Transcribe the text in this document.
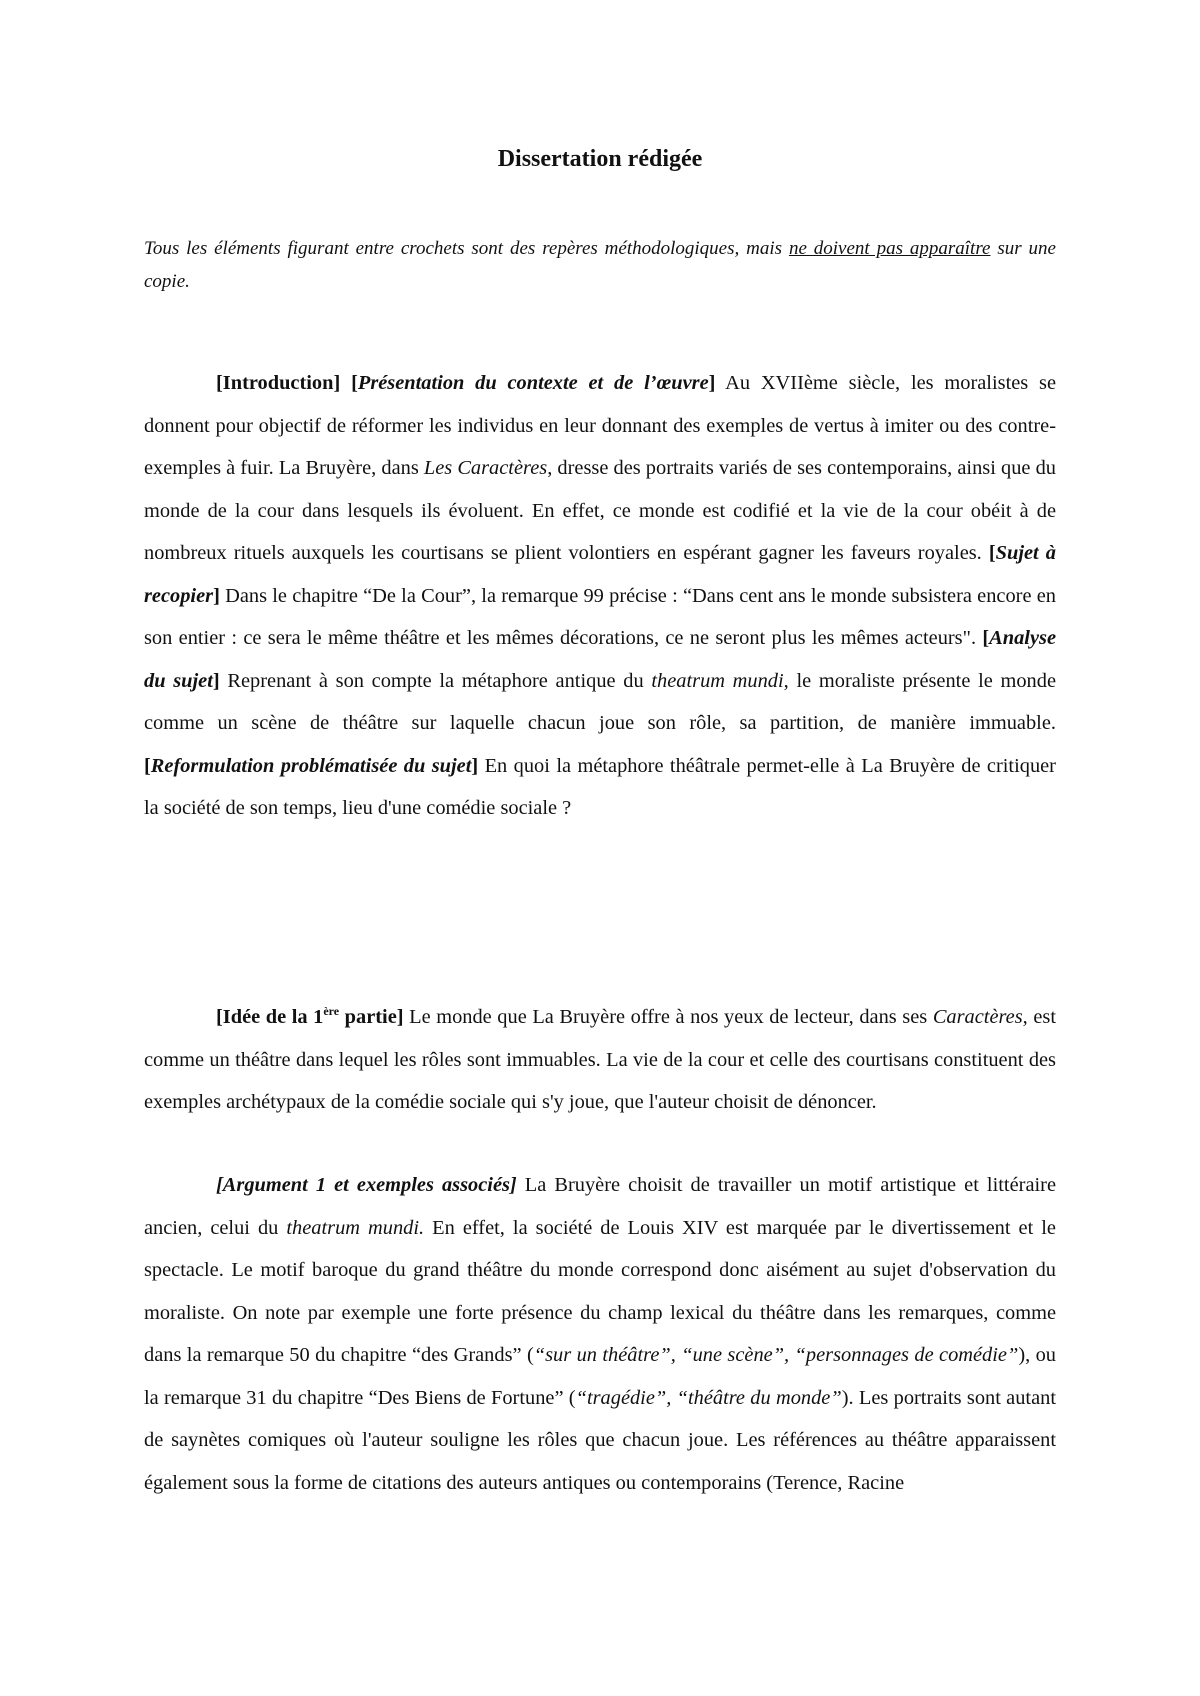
Dissertation rédigée

Tous les éléments figurant entre crochets sont des repères méthodologiques, mais ne doivent pas apparaître sur une copie.

[Introduction] [Présentation du contexte et de l’œuvre] Au XVIIème siècle, les moralistes se donnent pour objectif de réformer les individus en leur donnant des exemples de vertus à imiter ou des contre-exemples à fuir. La Bruyère, dans Les Caractères, dresse des portraits variés de ses contemporains, ainsi que du monde de la cour dans lesquels ils évoluent. En effet, ce monde est codifié et la vie de la cour obéit à de nombreux rituels auxquels les courtisans se plient volontiers en espérant gagner les faveurs royales. [Sujet à recopier] Dans le chapitre “De la Cour”, la remarque 99 précise : “Dans cent ans le monde subsistera encore en son entier : ce sera le même théâtre et les mêmes décorations, ce ne seront plus les mêmes acteurs". [Analyse du sujet] Reprenant à son compte la métaphore antique du theatrum mundi, le moraliste présente le monde comme un scène de théâtre sur laquelle chacun joue son rôle, sa partition, de manière immuable. [Reformulation problématisée du sujet] En quoi la métaphore théâtrale permet-elle à La Bruyère de critiquer la société de son temps, lieu d'une comédie sociale ?

[Idée de la 1ère partie] Le monde que La Bruyère offre à nos yeux de lecteur, dans ses Caractères, est comme un théâtre dans lequel les rôles sont immuables. La vie de la cour et celle des courtisans constituent des exemples archétypaux de la comédie sociale qui s'y joue, que l'auteur choisit de dénoncer.

[Argument 1 et exemples associés] La Bruyère choisit de travailler un motif artistique et littéraire ancien, celui du theatrum mundi. En effet, la société de Louis XIV est marquée par le divertissement et le spectacle. Le motif baroque du grand théâtre du monde correspond donc aisément au sujet d'observation du moraliste. On note par exemple une forte présence du champ lexical du théâtre dans les remarques, comme dans la remarque 50 du chapitre “des Grands” (“sur un théâtre”, “une scène”, “personnages de comédie”), ou la remarque 31 du chapitre “Des Biens de Fortune” (“tragédie”, “théâtre du monde”). Les portraits sont autant de saynètes comiques où l'auteur souligne les rôles que chacun joue. Les références au théâtre apparaissent également sous la forme de citations des auteurs antiques ou contemporains (Terence, Racine
